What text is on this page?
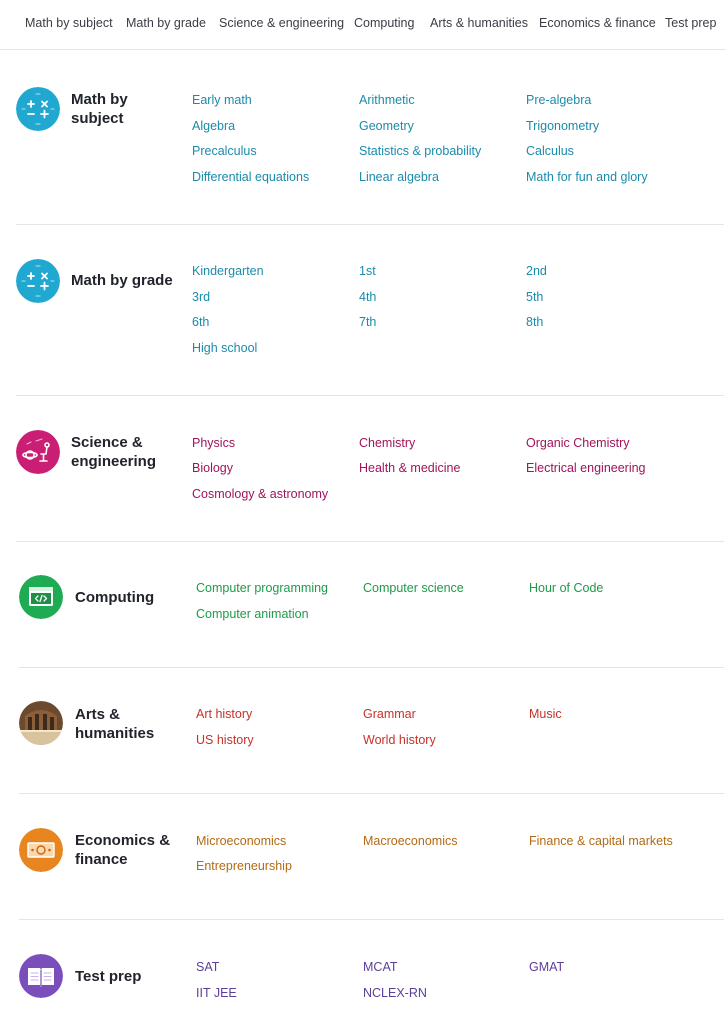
Math by subject Math by grade Science & engineering Computing Arts & humanities Economics & finance Test prep
Math by subject
Early math	Arithmetic	Pre-algebra
Algebra	Geometry	Trigonometry
Precalculus	Statistics & probability	Calculus
Differential equations	Linear algebra	Math for fun and glory
Math by grade
Kindergarten	1st	2nd
3rd	4th	5th
6th	7th	8th
High school
Science & engineering
Physics	Chemistry	Organic Chemistry
Biology	Health & medicine	Electrical engineering
Cosmology & astronomy
Computing
Computer programming	Computer science	Hour of Code
Computer animation
Arts & humanities
Art history	Grammar	Music
US history	World history
Economics & finance
Microeconomics	Macroeconomics	Finance & capital markets
Entrepreneurship
Test prep
SAT	MCAT	GMAT
IIT JEE	NCLEX-RN
